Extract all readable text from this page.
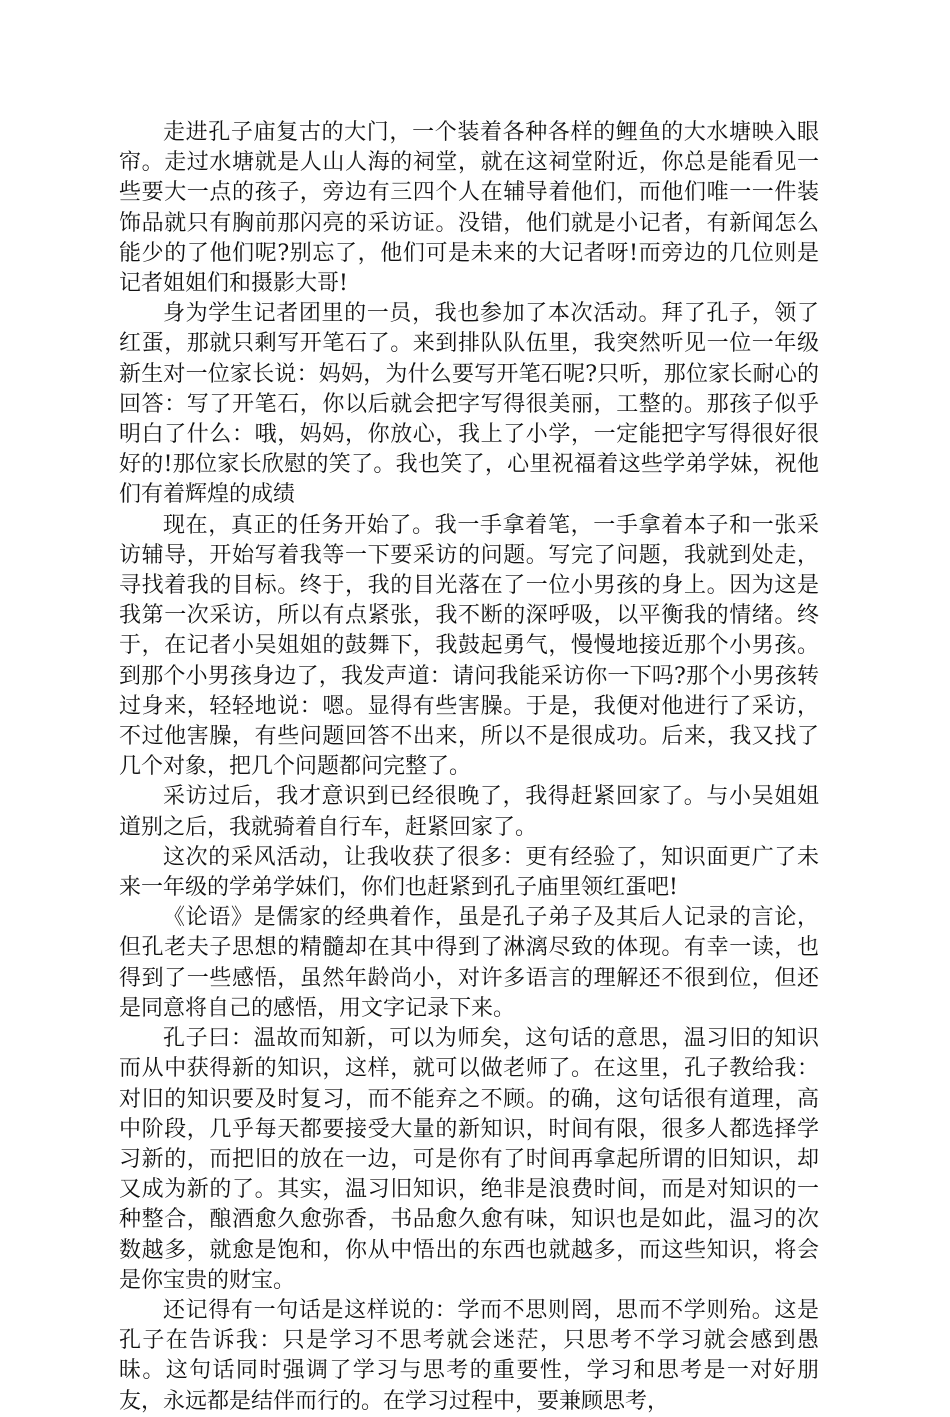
走进孔子庙复古的大门，一个装着各种各样的鲤鱼的大水塘映入眼帘。走过水塘就是人山人海的祠堂，就在这祠堂附近，你总是能看见一些要大一点的孩子，旁边有三四个人在辅导着他们，而他们唯一一件装饰品就只有胸前那闪亮的采访证。没错，他们就是小记者，有新闻怎么能少的了他们呢?别忘了，他们可是未来的大记者呀!而旁边的几位则是记者姐姐们和摄影大哥!

身为学生记者团里的一员，我也参加了本次活动。拜了孔子，领了红蛋，那就只剩写开笔石了。来到排队队伍里，我突然听见一位一年级新生对一位家长说：妈妈，为什么要写开笔石呢?只听，那位家长耐心的回答：写了开笔石，你以后就会把字写得很美丽，工整的。那孩子似乎明白了什么：哦，妈妈，你放心，我上了小学，一定能把字写得很好很好的!那位家长欣慰的笑了。我也笑了，心里祝福着这些学弟学妹，祝他们有着辉煌的成绩

现在，真正的任务开始了。我一手拿着笔，一手拿着本子和一张采访辅导，开始写着我等一下要采访的问题。写完了问题，我就到处走，寻找着我的目标。终于，我的目光落在了一位小男孩的身上。因为这是我第一次采访，所以有点紧张，我不断的深呼吸，以平衡我的情绪。终于，在记者小吴姐姐的鼓舞下，我鼓起勇气，慢慢地接近那个小男孩。到那个小男孩身边了，我发声道：请问我能采访你一下吗?那个小男孩转过身来，轻轻地说：嗯。显得有些害臊。于是，我便对他进行了采访，不过他害臊，有些问题回答不出来，所以不是很成功。后来，我又找了几个对象，把几个问题都问完整了。

采访过后，我才意识到已经很晚了，我得赶紧回家了。与小吴姐姐道别之后，我就骑着自行车，赶紧回家了。

这次的采风活动，让我收获了很多：更有经验了，知识面更广了未来一年级的学弟学妹们，你们也赶紧到孔子庙里领红蛋吧!

《论语》是儒家的经典着作，虽是孔子弟子及其后人记录的言论，但孔老夫子思想的精髓却在其中得到了淋漓尽致的体现。有幸一读，也得到了一些感悟，虽然年龄尚小，对许多语言的理解还不很到位，但还是同意将自己的感悟，用文字记录下来。

孔子曰：温故而知新，可以为师矣，这句话的意思，温习旧的知识而从中获得新的知识，这样，就可以做老师了。在这里，孔子教给我：对旧的知识要及时复习，而不能弃之不顾。的确，这句话很有道理，高中阶段，几乎每天都要接受大量的新知识，时间有限，很多人都选择学习新的，而把旧的放在一边，可是你有了时间再拿起所谓的旧知识，却又成为新的了。其实，温习旧知识，绝非是浪费时间，而是对知识的一种整合，酿酒愈久愈弥香，书品愈久愈有味，知识也是如此，温习的次数越多，就愈是饱和，你从中悟出的东西也就越多，而这些知识，将会是你宝贵的财宝。

还记得有一句话是这样说的：学而不思则罔，思而不学则殆。这是孔子在告诉我：只是学习不思考就会迷茫，只思考不学习就会感到愚昧。这句话同时强调了学习与思考的重要性，学习和思考是一对好朋友，永远都是结伴而行的。在学习过程中，要兼顾思考，
